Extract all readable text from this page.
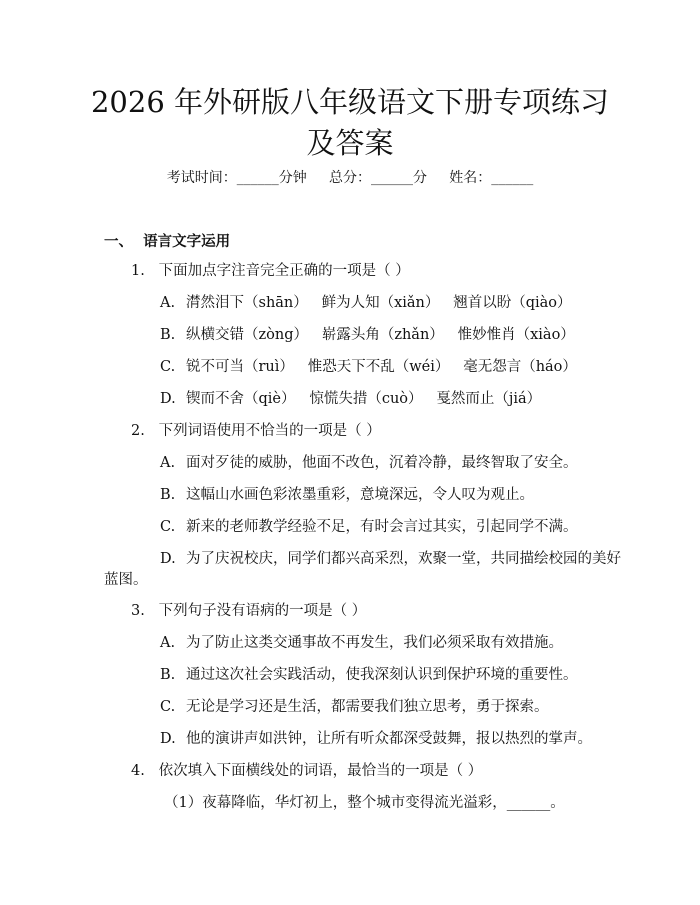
2026 年外研版八年级语文下册专项练习及答案
考试时间：______分钟     总分：______分     姓名：______
一、  语言文字运用
1.   下面加点字注音完全正确的一项是（ ）
A. 潸然泪下（shān）   鲜为人知（xiǎn）   翘首以盼（qiào）
B. 纵横交错（zòng）   崭露头角（zhǎn）   惟妙惟肖（xiào）
C. 锐不可当（ruì）   惟恐天下不乱（wéi）   毫无怨言（háo）
D. 锲而不舍（qiè）   惊慌失措（cuò）   戛然而止（jiá）
2.   下列词语使用不恰当的一项是（ ）
A. 面对歹徒的威胁，他面不改色，沉着冷静，最终智取了安全。
B. 这幅山水画色彩浓墨重彩，意境深远，令人叹为观止。
C. 新来的老师教学经验不足，有时会言过其实，引起同学不满。
D. 为了庆祝校庆，同学们都兴高采烈，欢聚一堂，共同描绘校园的美好
蓝图。
3.   下列句子没有语病的一项是（ ）
A. 为了防止这类交通事故不再发生，我们必须采取有效措施。
B. 通过这次社会实践活动，使我深刻认识到保护环境的重要性。
C. 无论是学习还是生活，都需要我们独立思考，勇于探索。
D. 他的演讲声如洪钟，让所有听众都深受鼓舞，报以热烈的掌声。
4.   依次填入下面横线处的词语，最恰当的一项是（ ）
（1）夜幕降临，华灯初上，整个城市变得流光溢彩，______。
